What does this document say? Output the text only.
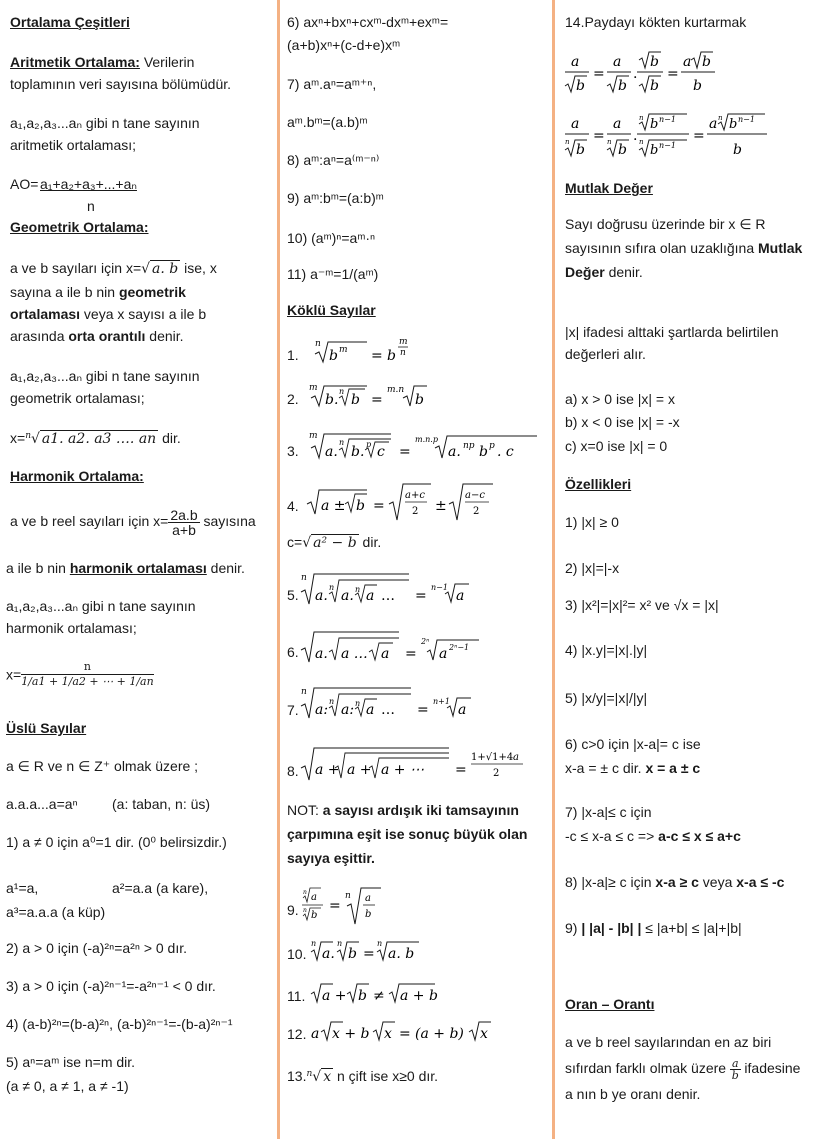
Ortalama Çeşitleri
Aritmetik Ortalama: Verilerin
toplamının veri sayısına bölümüdür.
a₁,a₂,a₃...aₙ gibi n tane sayının
aritmetik ortalaması;
AO= a₁+a₂+a₃+...+aₙ
n
Geometrik Ortalama:
a ve b sayıları için x=√ a. b ise, x
sayına a ile b nin geometrik
ortalaması veya x sayısı a ile b
arasında orta orantılı denir.
a₁,a₂,a₃...aₙ gibi n tane sayının
geometrik ortalaması;
x=$^n$√ a1. a2. a3 …. an dir.
Harmonik Ortalama:
a ve b reel sayıları için $x= \frac{2a.b}{a+b}$ sayısına
a ile b nin harmonik ortalaması denir.
a₁,a₂,a₃...aₙ gibi n tane sayının
harmonik ortalaması;
$x= \frac{n}{1/a1 + 1/a2 + \cdots + 1/an}$
Üslü Sayılar
a ∈ R ve n ∈ Z⁺ olmak üzere ;
a.a.a...a=aⁿ (a: taban, n: üs)
1) a ≠ 0 için a⁰=1 dir. (0⁰ belirsizdir.)
a¹=a,	a²=a.a (a kare),
a³=a.a.a (a küp)
2) a > 0 için (-a)²ⁿ=a²ⁿ > 0 dır.
3) a > 0 için (-a)²ⁿ⁻¹=-a²ⁿ⁻¹ < 0 dır.
4) (a-b)²ⁿ=(b-a)²ⁿ, (a-b)²ⁿ⁻¹=-(b-a)²ⁿ⁻¹
5) aⁿ=aᵐ ise n=m dir.
(a ≠ 0, a ≠ 1, a ≠ -1)
6) axⁿ+bxⁿ+cxᵐ-dxᵐ+exᵐ=
(a+b)xⁿ+(c-d+e)xᵐ
7) aᵐ.aⁿ=aᵐ⁺ⁿ,
aᵐ.bᵐ=(a.b)ᵐ
8) aᵐ:aⁿ=a⁽ᵐ⁻ⁿ⁾
9) aᵐ:bᵐ=(a:b)ᵐ
10) (aᵐ)ⁿ=aᵐ·ⁿ
11) a⁻ᵐ=1/(aᵐ)
Köklü Sayılar
1.
n
b m = b
m
n
2.
m
b.
n
b =
m.n
b
3.
m
a.
n
b. p c =
m.n.p
a. np b p . c
4. a ± b =
a+c
2 ±
a−c
2
c=√ a² − b dir.
5.
n
a.
n
a. n a … =
n−1
a
6. a. a … a =
2ⁿ
a 2ⁿ−1
7.
n
a:
n
a: n a … =
n+1
a
8. a + a + a + ⋯ =
1+√1+4 a
2
NOT: a sayısı ardışık iki tamsayının
çarpımına eşit ise sonuç büyük olan
sayıya eşittir.
9.
n a
n b
=
n a
b
10.
n
a.
n
b =
n
a. b
11. a + b ≠ a + b
12. a x + b x = (a + b) x
13.$^n$√ x n çift ise x≥0 dır.
14.Paydayı kökten kurtarmak
a
b
=
a
b
.
b
b
=
a b
b
a
n b
=
a
n b
.
n b n−1
n
b n−1
=
a n b n−1
b
Mutlak Değer
Sayı doğrusu üzerinde bir x ∈ R
sayısının sıfıra olan uzaklığına Mutlak
Değer denir.
|x| ifadesi alttaki şartlarda belirtilen
değerleri alır.
a) x > 0 ise |x| = x
b) x < 0 ise |x| = -x
c) x=0 ise |x| = 0
Özellikleri
1) |x| ≥ 0
2) |x|=|-x
3) |x²|=|x|²= x² ve √x = |x|
4) |x.y|=|x|.|y|
5) |x/y|=|x|/|y|
6) c>0 için |x-a|= c ise
x-a = ± c dir. x = a ± c
7) |x-a|≤ c için
-c ≤ x-a ≤ c => a-c ≤ x ≤ a+c
8) |x-a|≥ c için x-a ≥ c veya x-a ≤ -c
9) | |a| - |b| | ≤ |a+b| ≤ |a|+|b|
Oran – Orantı
a ve b reel sayılarından en az biri
sıfırdan farklı olmak üzere $\frac{a}{b}$ ifadesine
a nın b ye oranı denir.
